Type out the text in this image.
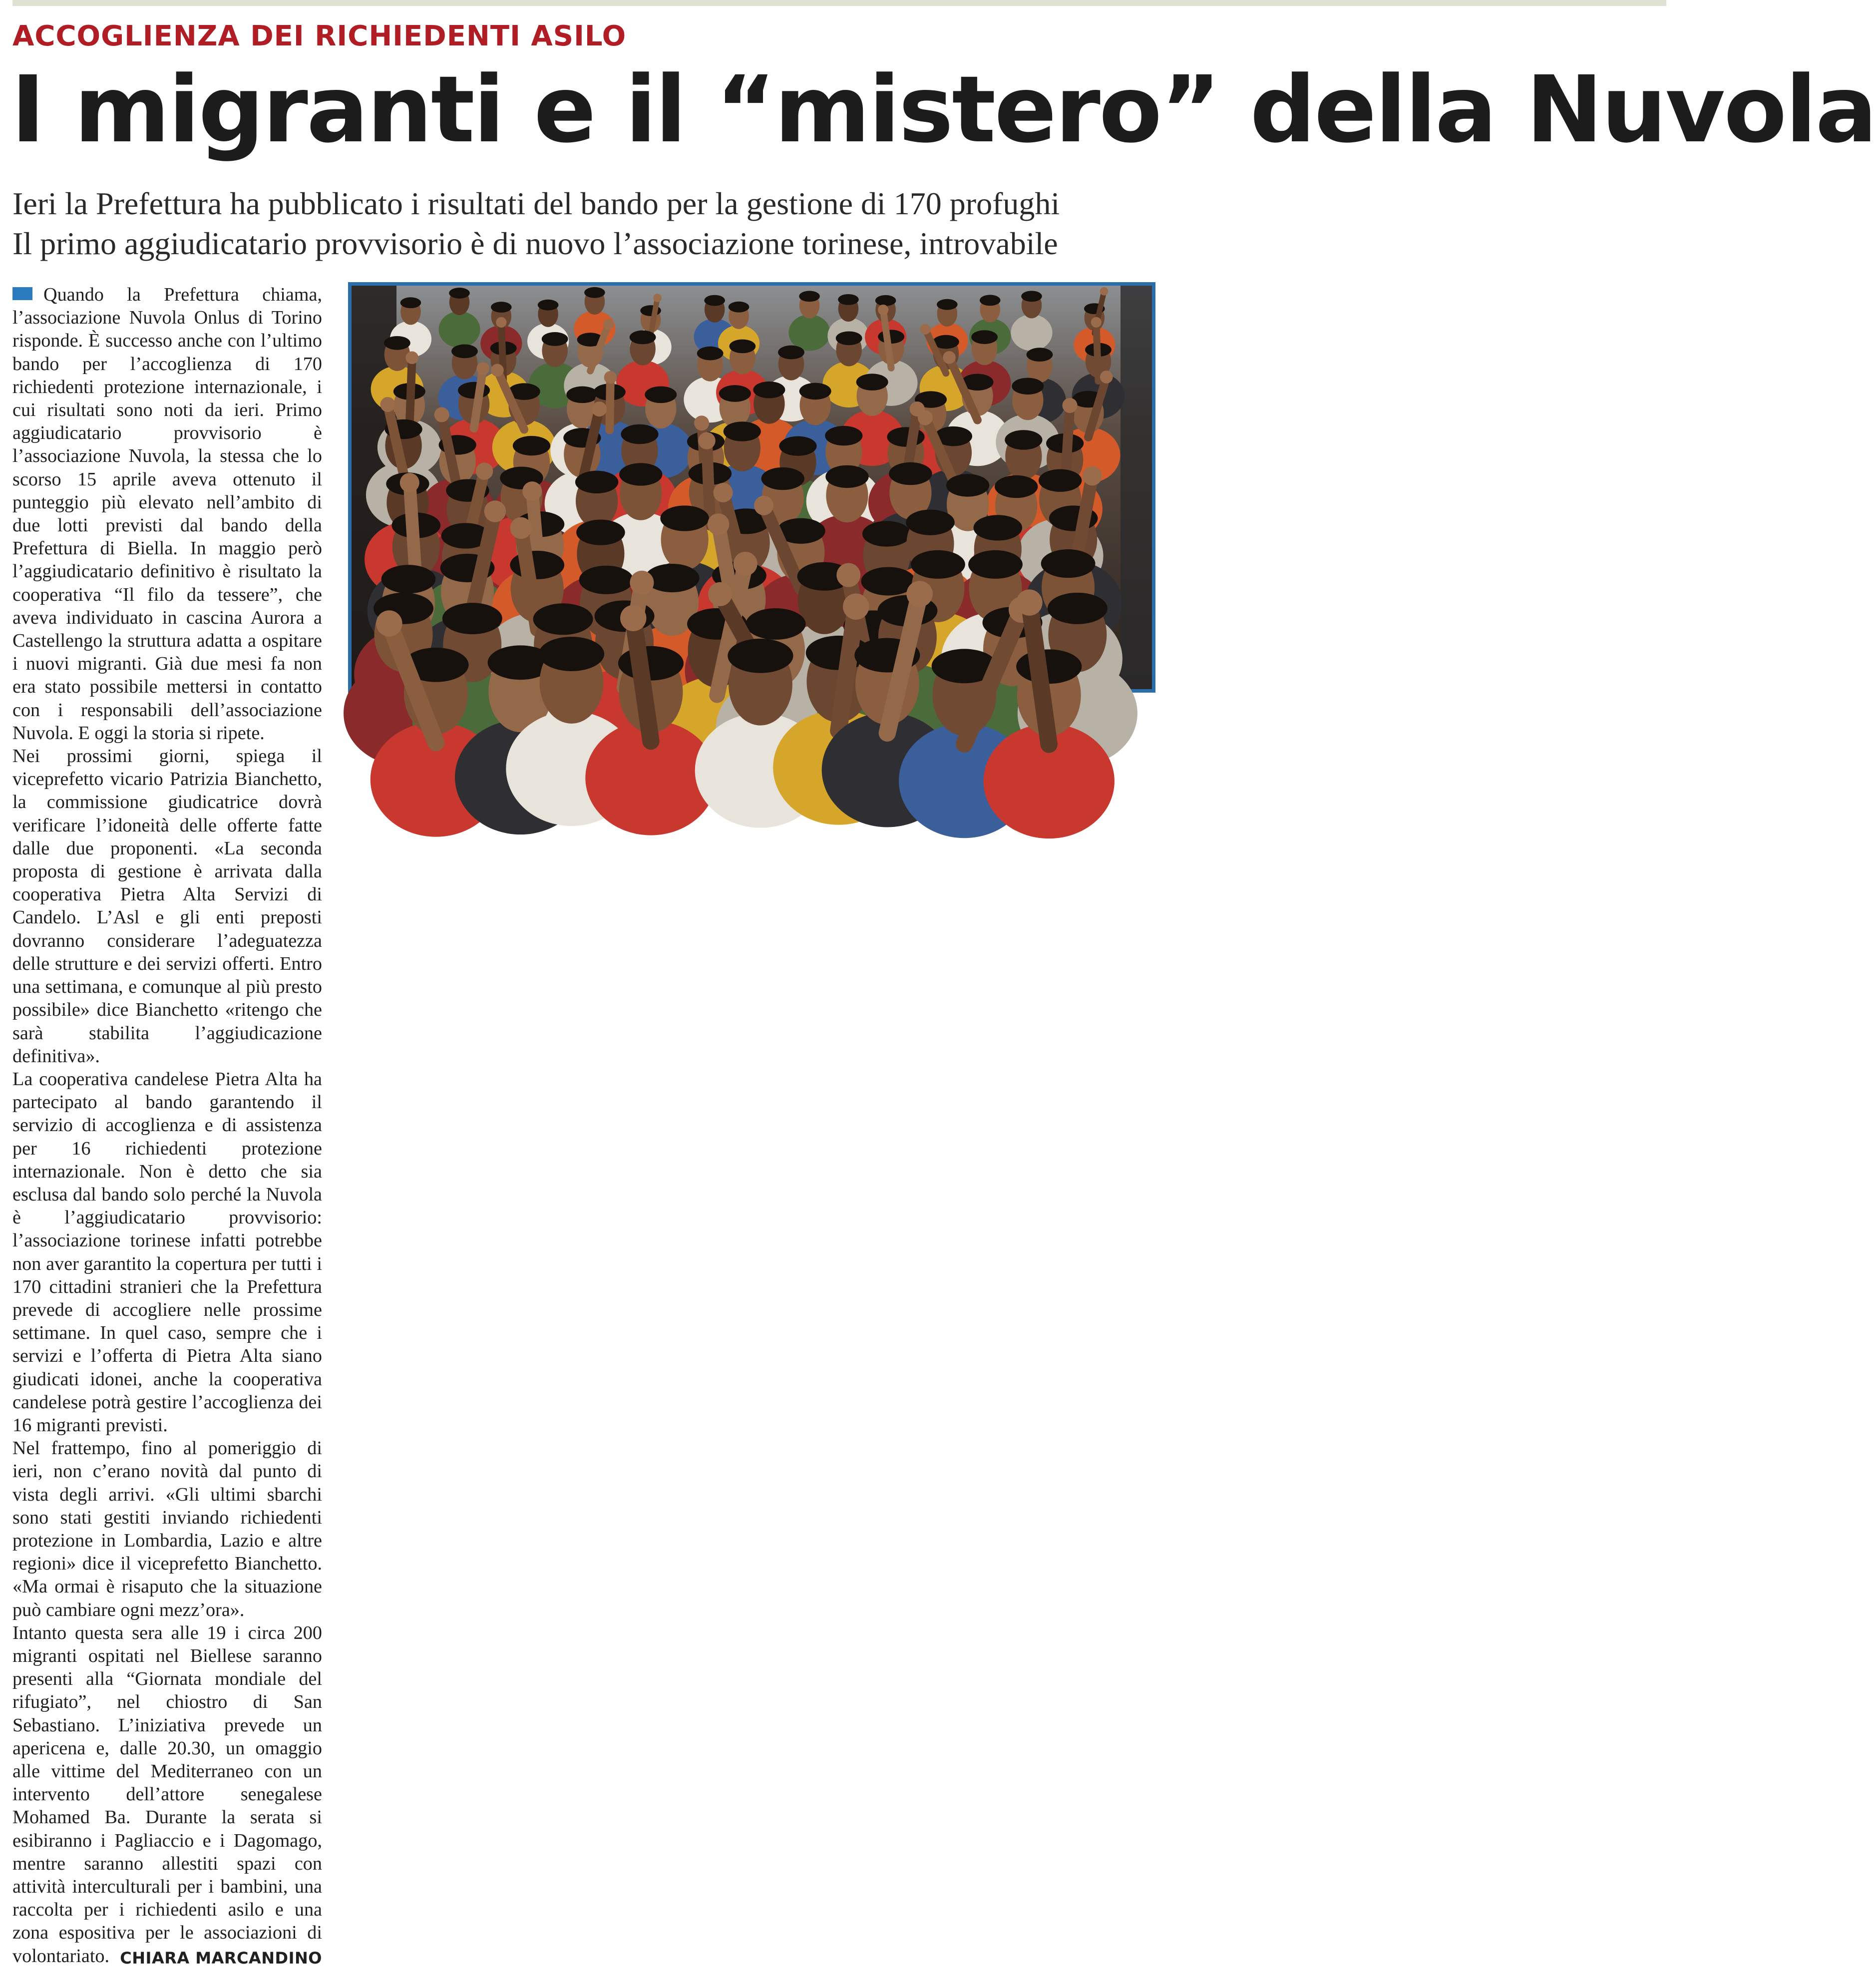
ACCOGLIENZA DEI RICHIEDENTI ASILO
I migranti e il “mistero” della Nuvola
Ieri la Prefettura ha pubblicato i risultati del bando per la gestione di 170 profughi
Il primo aggiudicatario provvisorio è di nuovo l’associazione torinese, introvabile

Quando la Prefettura chiama, l’associazione Nuvola Onlus di Torino risponde. È successo anche con l’ultimo bando per l’accoglienza di 170 richiedenti protezione internazionale, i cui risultati sono noti da ieri. Primo aggiudicatario provvisorio è l’associazione Nuvola, la stessa che lo scorso 15 aprile aveva ottenuto il punteggio più elevato nell’ambito di due lotti previsti dal bando della Prefettura di Biella. In maggio però l’aggiudicatario definitivo è risultato la cooperativa “Il filo da tessere”, che aveva individuato in cascina Aurora a Castellengo la struttura adatta a ospitare i nuovi migranti. Già due mesi fa non era stato possibile mettersi in contatto con i responsabili dell’associazione Nuvola. E oggi la storia si ripete.

Nei prossimi giorni, spiega il viceprefetto vicario Patrizia Bianchetto, la commissione giudicatrice dovrà verificare l’idoneità delle offerte fatte dalle due proponenti. «La seconda proposta di gestione è arrivata dalla cooperativa Pietra Alta Servizi di Candelo. L’Asl e gli enti preposti dovranno considerare l’adeguatezza delle strutture e dei servizi offerti. Entro una settimana, e comunque al più presto possibile» dice Bianchetto «ritengo che sarà stabilita l’aggiudicazione definitiva».

La cooperativa candelese Pietra Alta ha partecipato al bando garantendo il servizio di accoglienza e di assistenza per 16 richiedenti protezione internazionale. Non è detto che sia esclusa dal bando solo perché la Nuvola è l’aggiudicatario provvisorio: l’associazione torinese infatti potrebbe non aver garantito la copertura per tutti i 170 cittadini stranieri che la Prefettura prevede di accogliere nelle prossime settimane. In quel caso, sempre che i servizi e l’offerta di Pietra Alta siano giudicati idonei, anche la cooperativa candelese potrà gestire l’accoglienza dei 16 migranti previsti.

Nel frattempo, fino al pomeriggio di ieri, non c’erano novità dal punto di vista degli arrivi. «Gli ultimi sbarchi sono stati gestiti inviando richiedenti protezione in Lombardia, Lazio e altre regioni» dice il viceprefetto Bianchetto. «Ma ormai è risaputo che la situazione può cambiare ogni mezz’ora».

Intanto questa sera alle 19 i circa 200 migranti ospitati nel Biellese saranno presenti alla “Giornata mondiale del rifugiato”, nel chiostro di San Sebastiano. L’iniziativa prevede un apericena e, dalle 20.30, un omaggio alle vittime del Mediterraneo con un intervento dell’attore senegalese Mohamed Ba. Durante la serata si esibiranno i Pagliaccio e i Dagomago, mentre saranno allestiti spazi con attività interculturali per i bambini, una raccolta per i richiedenti asilo e una zona espositiva per le associazioni di volontariato. CHIARA MARCANDINO
